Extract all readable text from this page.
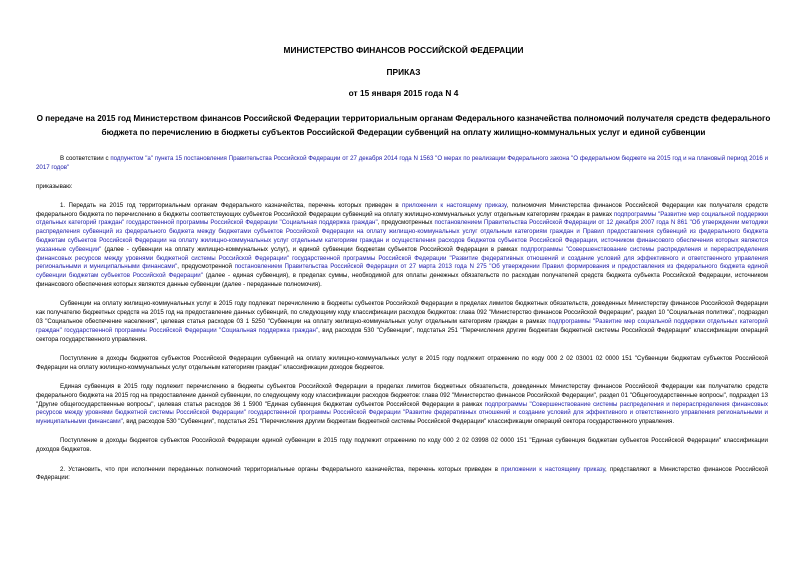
МИНИСТЕРСТВО ФИНАНСОВ РОССИЙСКОЙ ФЕДЕРАЦИИ
ПРИКАЗ
от 15 января 2015 года N 4
О передаче на 2015 год Министерством финансов Российской Федерации территориальным органам Федерального казначейства полномочий получателя средств федерального бюджета по перечислению в бюджеты субъектов Российской Федерации субвенций на оплату жилищно-коммунальных услуг и единой субвенции

В соответствии с подпунктом "a" пункта 15 постановления Правительства Российской Федерации от 27 декабря 2014 года N 1563 "О мерах по реализации Федерального закона "О федеральном бюджете на 2015 год и на плановый период 2016 и 2017 годов"

приказываю:

1. Передать на 2015 год территориальным органам Федерального казначейства, перечень которых приведен в приложении к настоящему приказу, полномочия Министерства финансов Российской Федерации как получателя средств федерального бюджета по перечислению в бюджеты соответствующих субъектов Российской Федерации субвенций на оплату жилищно-коммунальных услуг отдельным категориям граждан в рамках подпрограммы "Развитие мер социальной поддержки отдельных категорий граждан" государственной программы Российской Федерации "Социальная поддержка граждан", предусмотренных постановлением Правительства Российской Федерации от 12 декабря 2007 года N 861 "Об утверждении методики распределения субвенций из федерального бюджета между бюджетами субъектов Российской Федерации на оплату жилищно-коммунальных услуг отдельным категориям граждан и Правил предоставления субвенций из федерального бюджета бюджетам субъектов Российской Федерации на оплату жилищно-коммунальных услуг отдельным категориям граждан и осуществления расходов бюджетов субъектов Российской Федерации, источником финансового обеспечения которых являются указанные субвенции" (далее - субвенции на оплату жилищно-коммунальных услуг), и единой субвенции бюджетам субъектов Российской Федерации в рамках подпрограммы "Совершенствование системы распределения и перераспределения финансовых ресурсов между уровнями бюджетной системы Российской Федерации" государственной программы Российской Федерации "Развитие федеративных отношений и создание условий для эффективного и ответственного управления региональными и муниципальными финансами", предусмотренной постановлением Правительства Российской Федерации от 27 марта 2013 года N 275 "Об утверждении Правил формирования и предоставления из федерального бюджета единой субвенции бюджетам субъектов Российской Федерации" (далее - единая субвенция), в пределах суммы, необходимой для оплаты денежных обязательств по расходам получателей средств бюджета субъекта Российской Федерации, источником финансового обеспечения которых являются данные субвенции (далее - переданные полномочия).

Субвенции на оплату жилищно-коммунальных услуг в 2015 году подлежат перечислению в бюджеты субъектов Российской Федерации в пределах лимитов бюджетных обязательств, доведенных Министерству финансов Российской Федерации как получателю бюджетных средств на 2015 год на предоставление данных субвенций, по следующему коду классификации расходов бюджетов: глава 092 "Министерство финансов Российской Федерации", раздел 10 "Социальная политика", подраздел 03 "Социальное обеспечение населения", целевая статья расходов 03 1 5250 "Субвенции на оплату жилищно-коммунальных услуг отдельным категориям граждан в рамках подпрограммы "Развитие мер социальной поддержки отдельных категорий граждан" государственной программы Российской Федерации "Социальная поддержка граждан", вид расходов 530 "Субвенции", подстатья 251 "Перечисления другим бюджетам бюджетной системы Российской Федерации" классификации операций сектора государственного управления.

Поступление в доходы бюджетов субъектов Российской Федерации субвенций на оплату жилищно-коммунальных услуг в 2015 году подлежит отражению по коду 000 2 02 03001 02 0000 151 "Субвенции бюджетам субъектов Российской Федерации на оплату жилищно-коммунальных услуг отдельным категориям граждан" классификации доходов бюджетов.

Единая субвенция в 2015 году подлежит перечислению в бюджеты субъектов Российской Федерации в пределах лимитов бюджетных обязательств, доведенных Министерству финансов Российской Федерации как получателю средств федерального бюджета на 2015 год на предоставление данной субвенции, по следующему коду классификации расходов бюджетов: глава 092 "Министерство финансов Российской Федерации", раздел 01 "Общегосударственные вопросы", подраздел 13 "Другие общегосударственные вопросы", целевая статья расходов 36 1 5900 "Единая субвенция бюджетам субъектов Российской Федерации в рамках подпрограммы "Совершенствование системы распределения и перераспределения финансовых ресурсов между уровнями бюджетной системы Российской Федерации" государственной программы Российской Федерации "Развитие федеративных отношений и создание условий для эффективного и ответственного управления региональными и муниципальными финансами", вид расходов 530 "Субвенции", подстатья 251 "Перечисления другим бюджетам бюджетной системы Российской Федерации" классификации операций сектора государственного управления.

Поступление в доходы бюджетов субъектов Российской Федерации единой субвенции в 2015 году подлежит отражению по коду 000 2 02 03998 02 0000 151 "Единая субвенция бюджетам субъектов Российской Федерации" классификации доходов бюджетов.

2. Установить, что при исполнении переданных полномочий территориальные органы Федерального казначейства, перечень которых приведен в приложении к настоящему приказу, представляют в Министерство финансов Российской Федерации:
